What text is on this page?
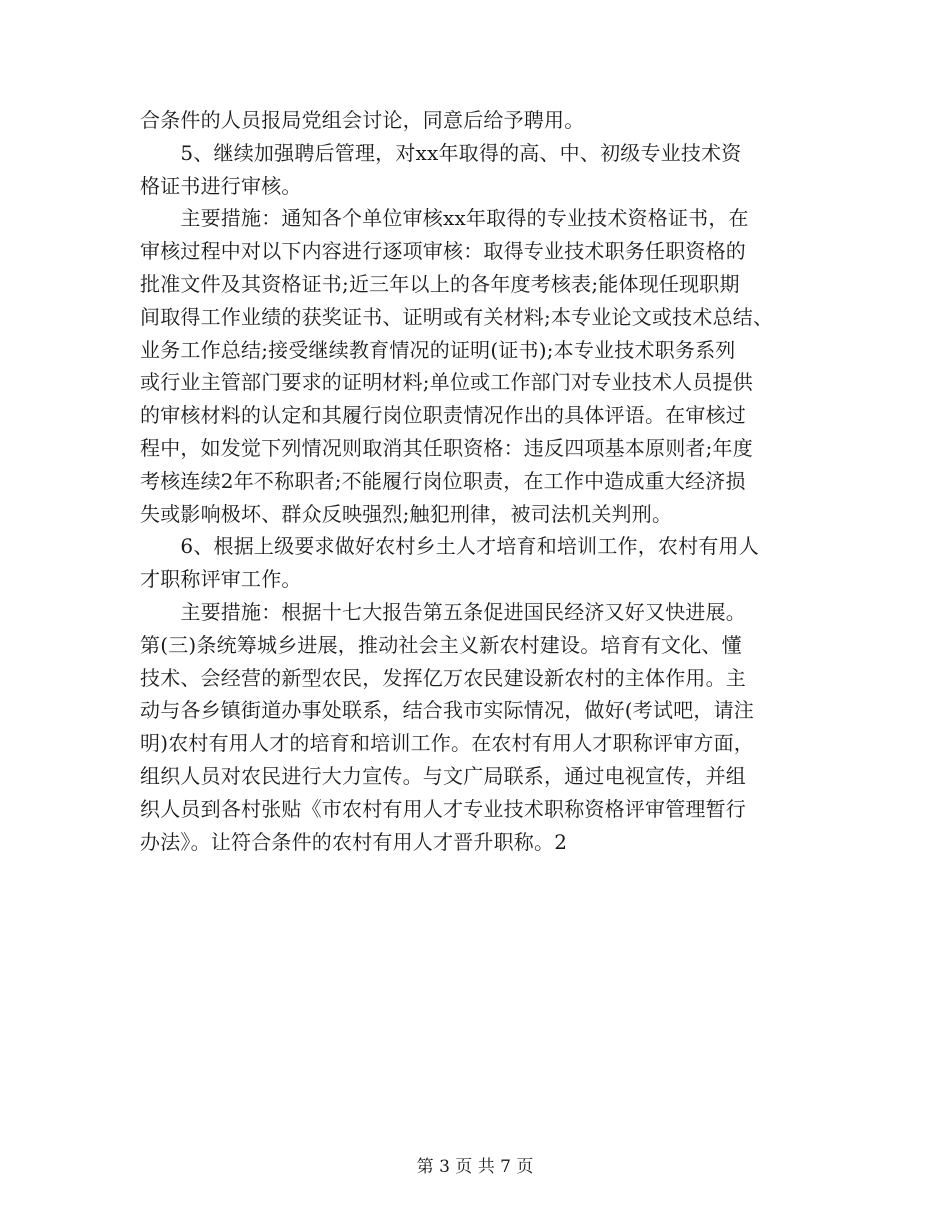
合条件的人员报局党组会讨论，同意后给予聘用。
　　5、继续加强聘后管理，对xx年取得的高、中、初级专业技术资
格证书进行审核。
　　主要措施：通知各个单位审核xx年取得的专业技术资格证书，在
审核过程中对以下内容进行逐项审核：取得专业技术职务任职资格的
批准文件及其资格证书;近三年以上的各年度考核表;能体现任现职期
间取得工作业绩的获奖证书、证明或有关材料;本专业论文或技术总结、
业务工作总结;接受继续教育情况的证明(证书);本专业技术职务系列
或行业主管部门要求的证明材料;单位或工作部门对专业技术人员提供
的审核材料的认定和其履行岗位职责情况作出的具体评语。在审核过
程中，如发觉下列情况则取消其任职资格：违反四项基本原则者;年度
考核连续2年不称职者;不能履行岗位职责，在工作中造成重大经济损
失或影响极坏、群众反映强烈;触犯刑律，被司法机关判刑。
　　6、根据上级要求做好农村乡土人才培育和培训工作，农村有用人
才职称评审工作。
　　主要措施：根据十七大报告第五条促进国民经济又好又快进展。
第(三)条统筹城乡进展，推动社会主义新农村建设。培育有文化、懂
技术、会经营的新型农民，发挥亿万农民建设新农村的主体作用。主
动与各乡镇街道办事处联系，结合我市实际情况，做好(考试吧，请注
明)农村有用人才的培育和培训工作。在农村有用人才职称评审方面，
组织人员对农民进行大力宣传。与文广局联系，通过电视宣传，并组
织人员到各村张贴《市农村有用人才专业技术职称资格评审管理暂行
办法》。让符合条件的农村有用人才晋升职称。2
第 3 页 共 7 页
